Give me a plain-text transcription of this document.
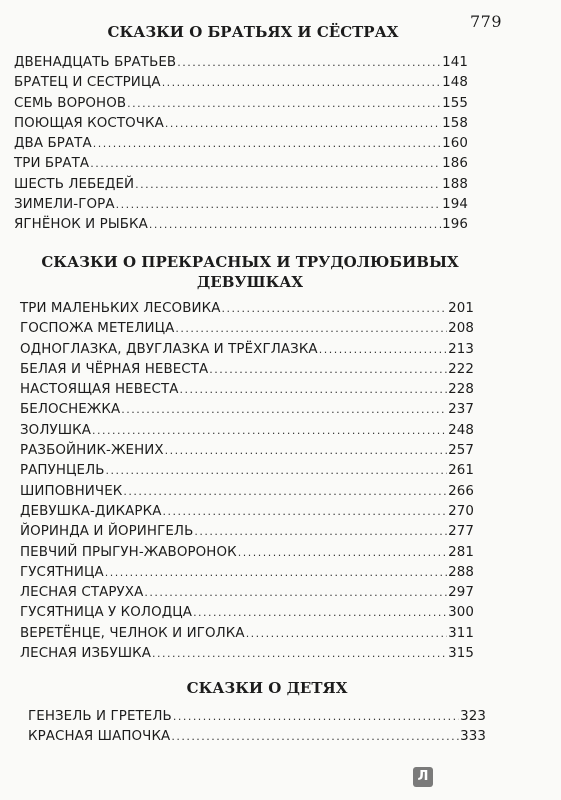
779
СКАЗКИ О БРАТЬЯХ И СЁСТРАХ
ДВЕНАДЦАТЬ БРАТЬЕВ .....	141
БРАТЕЦ И СЕСТРИЦА .....	148
СЕМЬ ВОРОНОВ .....	155
ПОЮЩАЯ КОСТОЧКА .....	158
ДВА БРАТА .....	160
ТРИ БРАТА .....	186
ШЕСТЬ ЛЕБЕДЕЙ .....	188
ЗИМЕЛИ-ГОРА .....	194
ЯГНЁНОК И РЫБКА .....	196
СКАЗКИ О ПРЕКРАСНЫХ И ТРУДОЛЮБИВЫХ
ДЕВУШКАХ
ТРИ МАЛЕНЬКИХ ЛЕСОВИКА .....	201
ГОСПОЖА МЕТЕЛИЦА .....	208
ОДНОГЛАЗКА, ДВУГЛАЗКА И ТРЁХГЛАЗКА .....	213
БЕЛАЯ И ЧЁРНАЯ НЕВЕСТА .....	222
НАСТОЯЩАЯ НЕВЕСТА .....	228
БЕЛОСНЕЖКА .....	237
ЗОЛУШКА .....	248
РАЗБОЙНИК-ЖЕНИХ .....	257
РАПУНЦЕЛЬ .....	261
ШИПОВНИЧЕК .....	266
ДЕВУШКА-ДИКАРКА .....	270
ЙОРИНДА И ЙОРИНГЕЛЬ .....	277
ПЕВЧИЙ ПРЫГУН-ЖАВОРОНОК .....	281
ГУСЯТНИЦА .....	288
ЛЕСНАЯ СТАРУХА .....	297
ГУСЯТНИЦА У КОЛОДЦА .....	300
ВЕРЕТЁНЦЕ, ЧЕЛНОК И ИГОЛКА .....	311
ЛЕСНАЯ ИЗБУШКА .....	315
СКАЗКИ О ДЕТЯХ
ГЕНЗЕЛЬ И ГРЕТЕЛЬ .....	323
КРАСНАЯ ШАПОЧКА .....	333
Л
